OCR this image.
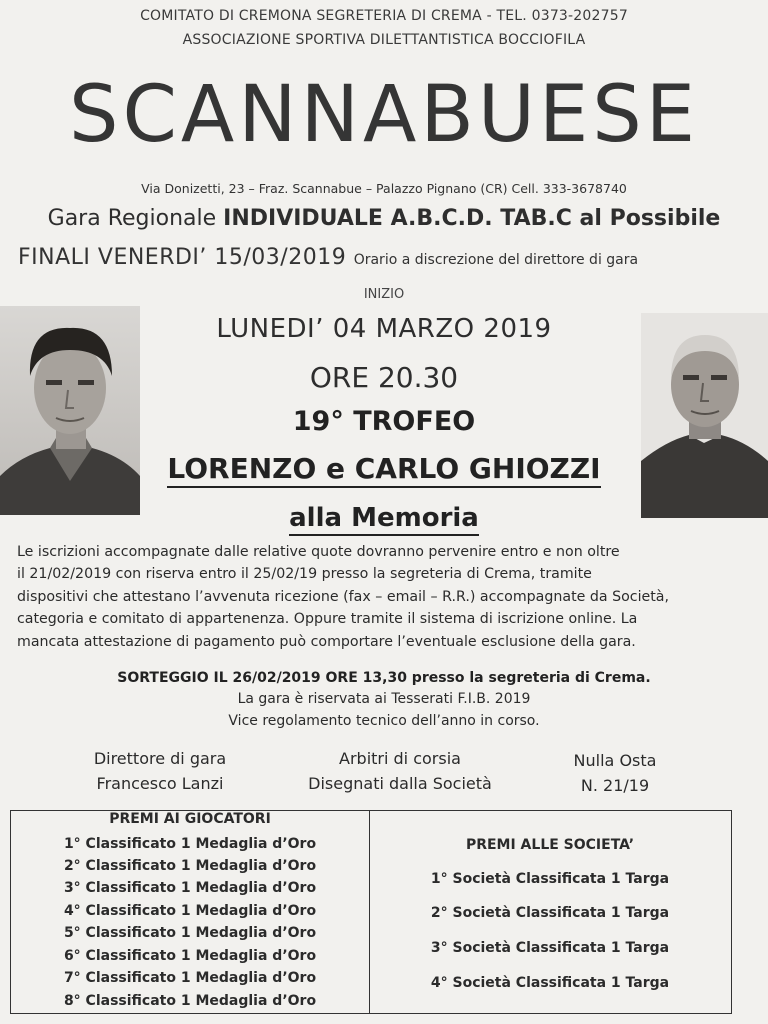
COMITATO DI CREMONA SEGRETERIA DI CREMA - TEL. 0373-202757
ASSOCIAZIONE SPORTIVA DILETTANTISTICA BOCCIOFILA
SCANNABUESE
Via Donizetti, 23 – Fraz. Scannabue – Palazzo Pignano (CR) Cell. 333-3678740
Gara Regionale INDIVIDUALE A.B.C.D. TAB.C al Possibile
FINALI VENERDI’ 15/03/2019 Orario a discrezione del direttore di gara
INIZIO
LUNEDI’ 04 MARZO 2019
ORE 20.30
19° TROFEO
LORENZO e CARLO GHIOZZI
alla Memoria
Le iscrizioni accompagnate dalle relative quote dovranno pervenire entro e non oltre
il 21/02/2019 con riserva entro il 25/02/19 presso la segreteria di Crema, tramite
dispositivi che attestano l’avvenuta ricezione (fax – email – R.R.) accompagnate da Società,
categoria e comitato di appartenenza. Oppure tramite il sistema di iscrizione online. La
mancata attestazione di pagamento può comportare l’eventuale esclusione della gara.
SORTEGGIO IL 26/02/2019 ORE 13,30 presso la segreteria di Crema.
La gara è riservata ai Tesserati F.I.B. 2019
Vice regolamento tecnico dell’anno in corso.
Direttore di gara
Francesco Lanzi
Arbitri di corsia
Disegnati dalla Società
Nulla Osta
N. 21/19
PREMI AI GIOCATORI
1° Classificato 1 Medaglia d’Oro
2° Classificato 1 Medaglia d’Oro
3° Classificato 1 Medaglia d’Oro
4° Classificato 1 Medaglia d’Oro
5° Classificato 1 Medaglia d’Oro
6° Classificato 1 Medaglia d’Oro
7° Classificato 1 Medaglia d’Oro
8° Classificato 1 Medaglia d’Oro
PREMI ALLE SOCIETA’
1° Società Classificata 1 Targa
2° Società Classificata 1 Targa
3° Società Classificata 1 Targa
4° Società Classificata 1 Targa
